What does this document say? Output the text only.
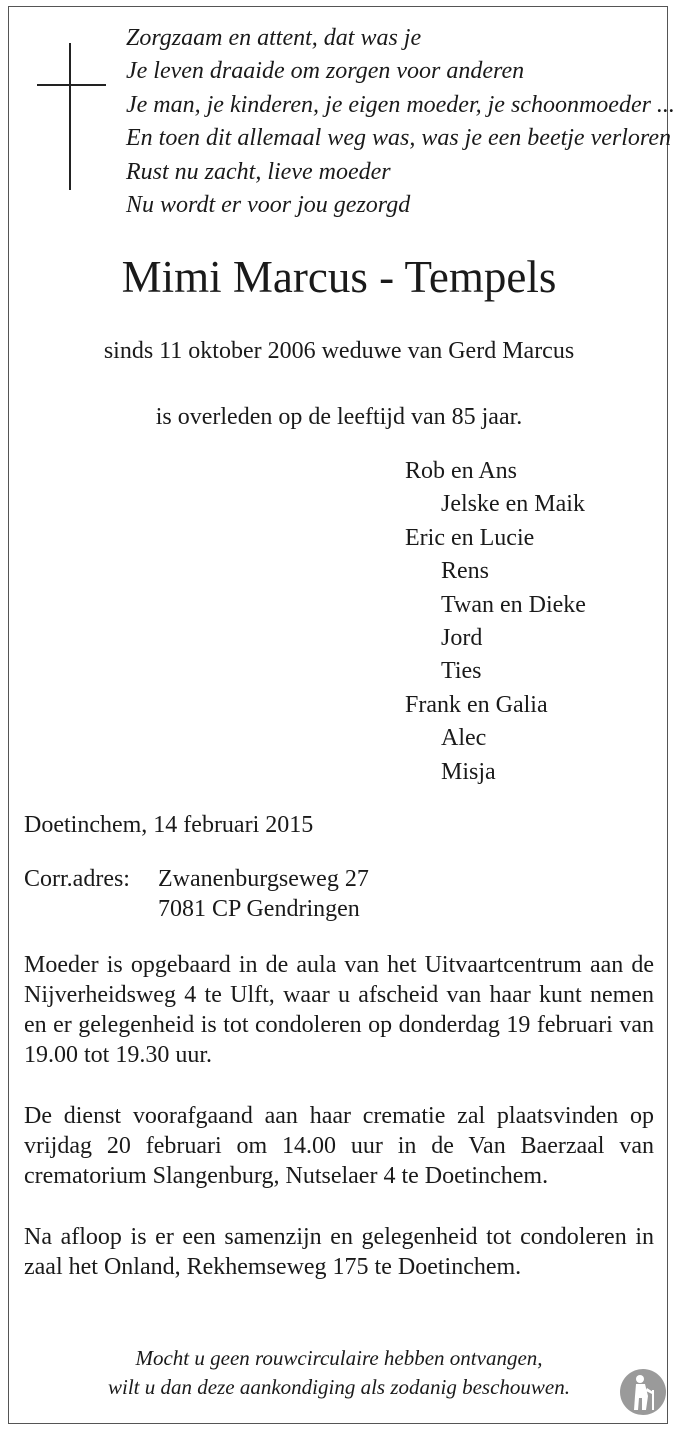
Zorgzaam en attent, dat was je
Je leven draaide om zorgen voor anderen
Je man, je kinderen, je eigen moeder, je schoonmoeder ...
En toen dit allemaal weg was, was je een beetje verloren
Rust nu zacht, lieve moeder
Nu wordt er voor jou gezorgd
Mimi Marcus - Tempels
sinds 11 oktober 2006 weduwe van Gerd Marcus
is overleden op de leeftijd van 85 jaar.
Rob en Ans
Jelske en Maik
Eric en Lucie
Rens
Twan en Dieke
Jord
Ties
Frank en Galia
Alec
Misja
Doetinchem, 14 februari 2015
Corr.adres: Zwanenburgseweg 27
7081 CP Gendringen
Moeder is opgebaard in de aula van het Uitvaartcentrum aan de Nijverheidsweg 4 te Ulft, waar u afscheid van haar kunt nemen en er gelegenheid is tot condoleren op donderdag 19 februari van 19.00 tot 19.30 uur.
De dienst voorafgaand aan haar crematie zal plaatsvinden op vrijdag 20 februari om 14.00 uur in de Van Baerzaal van crematorium Slangenburg, Nutselaer 4 te Doetinchem.
Na afloop is er een samenzijn en gelegenheid tot condoleren in zaal het Onland, Rekhemseweg 175 te Doetinchem.
Mocht u geen rouwcirculaire hebben ontvangen,
wilt u dan deze aankondiging als zodanig beschouwen.
